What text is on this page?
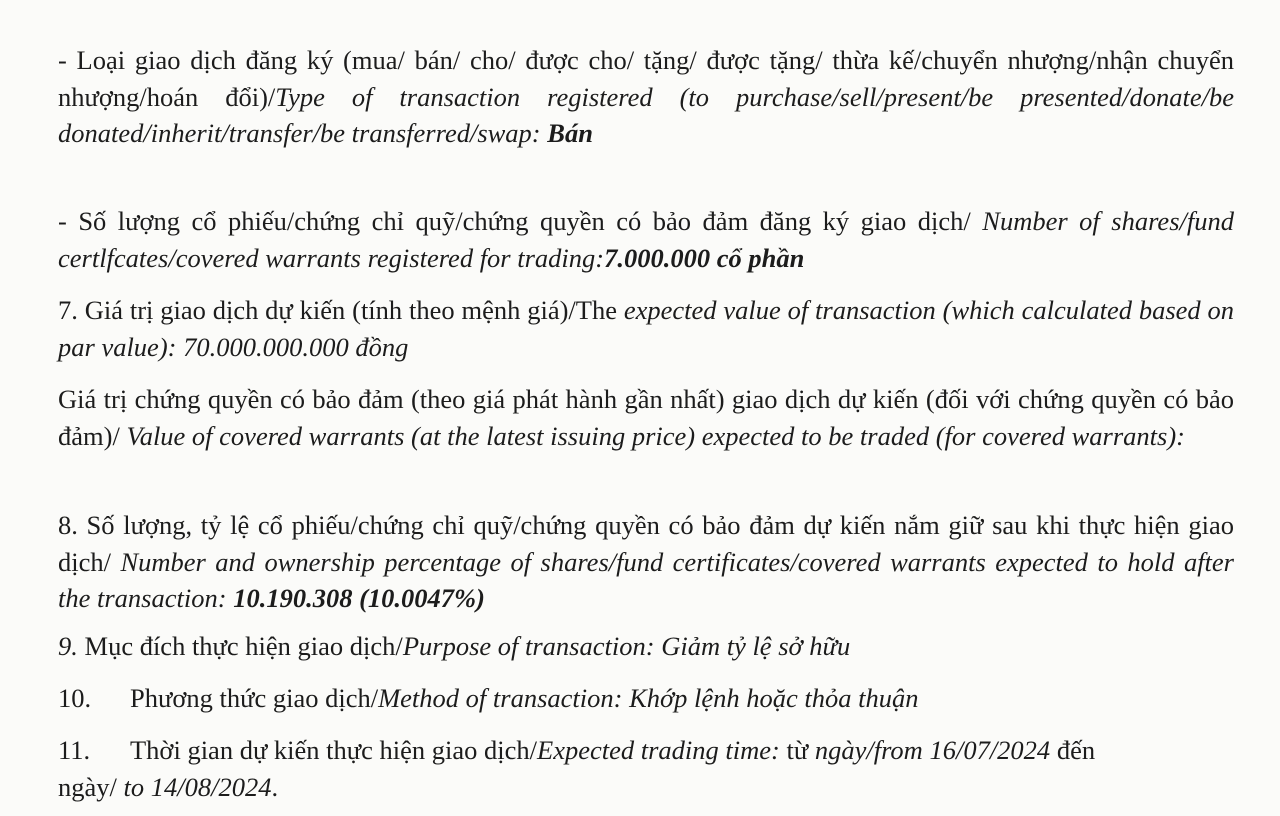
- Loại giao dịch đăng ký (mua/ bán/ cho/ được cho/ tặng/ được tặng/ thừa kế/chuyển nhượng/nhận chuyển nhượng/hoán đổi)/Type of transaction registered (to purchase/sell/present/be presented/donate/be donated/inherit/transfer/be transferred/swap: Bán

- Số lượng cổ phiếu/chứng chỉ quỹ/chứng quyền có bảo đảm đăng ký giao dịch/ Number of shares/fund certlfcates/covered warrants registered for trading:7.000.000 cổ phần

7. Giá trị giao dịch dự kiến (tính theo mệnh giá)/The expected value of transaction (which calculated based on par value): 70.000.000.000 đồng

Giá trị chứng quyền có bảo đảm (theo giá phát hành gần nhất) giao dịch dự kiến (đối với chứng quyền có bảo đảm)/ Value of covered warrants (at the latest issuing price) expected to be traded (for covered warrants):

8. Số lượng, tỷ lệ cổ phiếu/chứng chỉ quỹ/chứng quyền có bảo đảm dự kiến nắm giữ sau khi thực hiện giao dịch/ Number and ownership percentage of shares/fund certificates/covered warrants expected to hold after the transaction: 10.190.308 (10.0047%)

9. Mục đích thực hiện giao dịch/Purpose of transaction: Giảm tỷ lệ sở hữu

10. Phương thức giao dịch/Method of transaction: Khớp lệnh hoặc thỏa thuận

11. Thời gian dự kiến thực hiện giao dịch/Expected trading time: từ ngày/from 16/07/2024 đến ngày/ to 14/08/2024.
